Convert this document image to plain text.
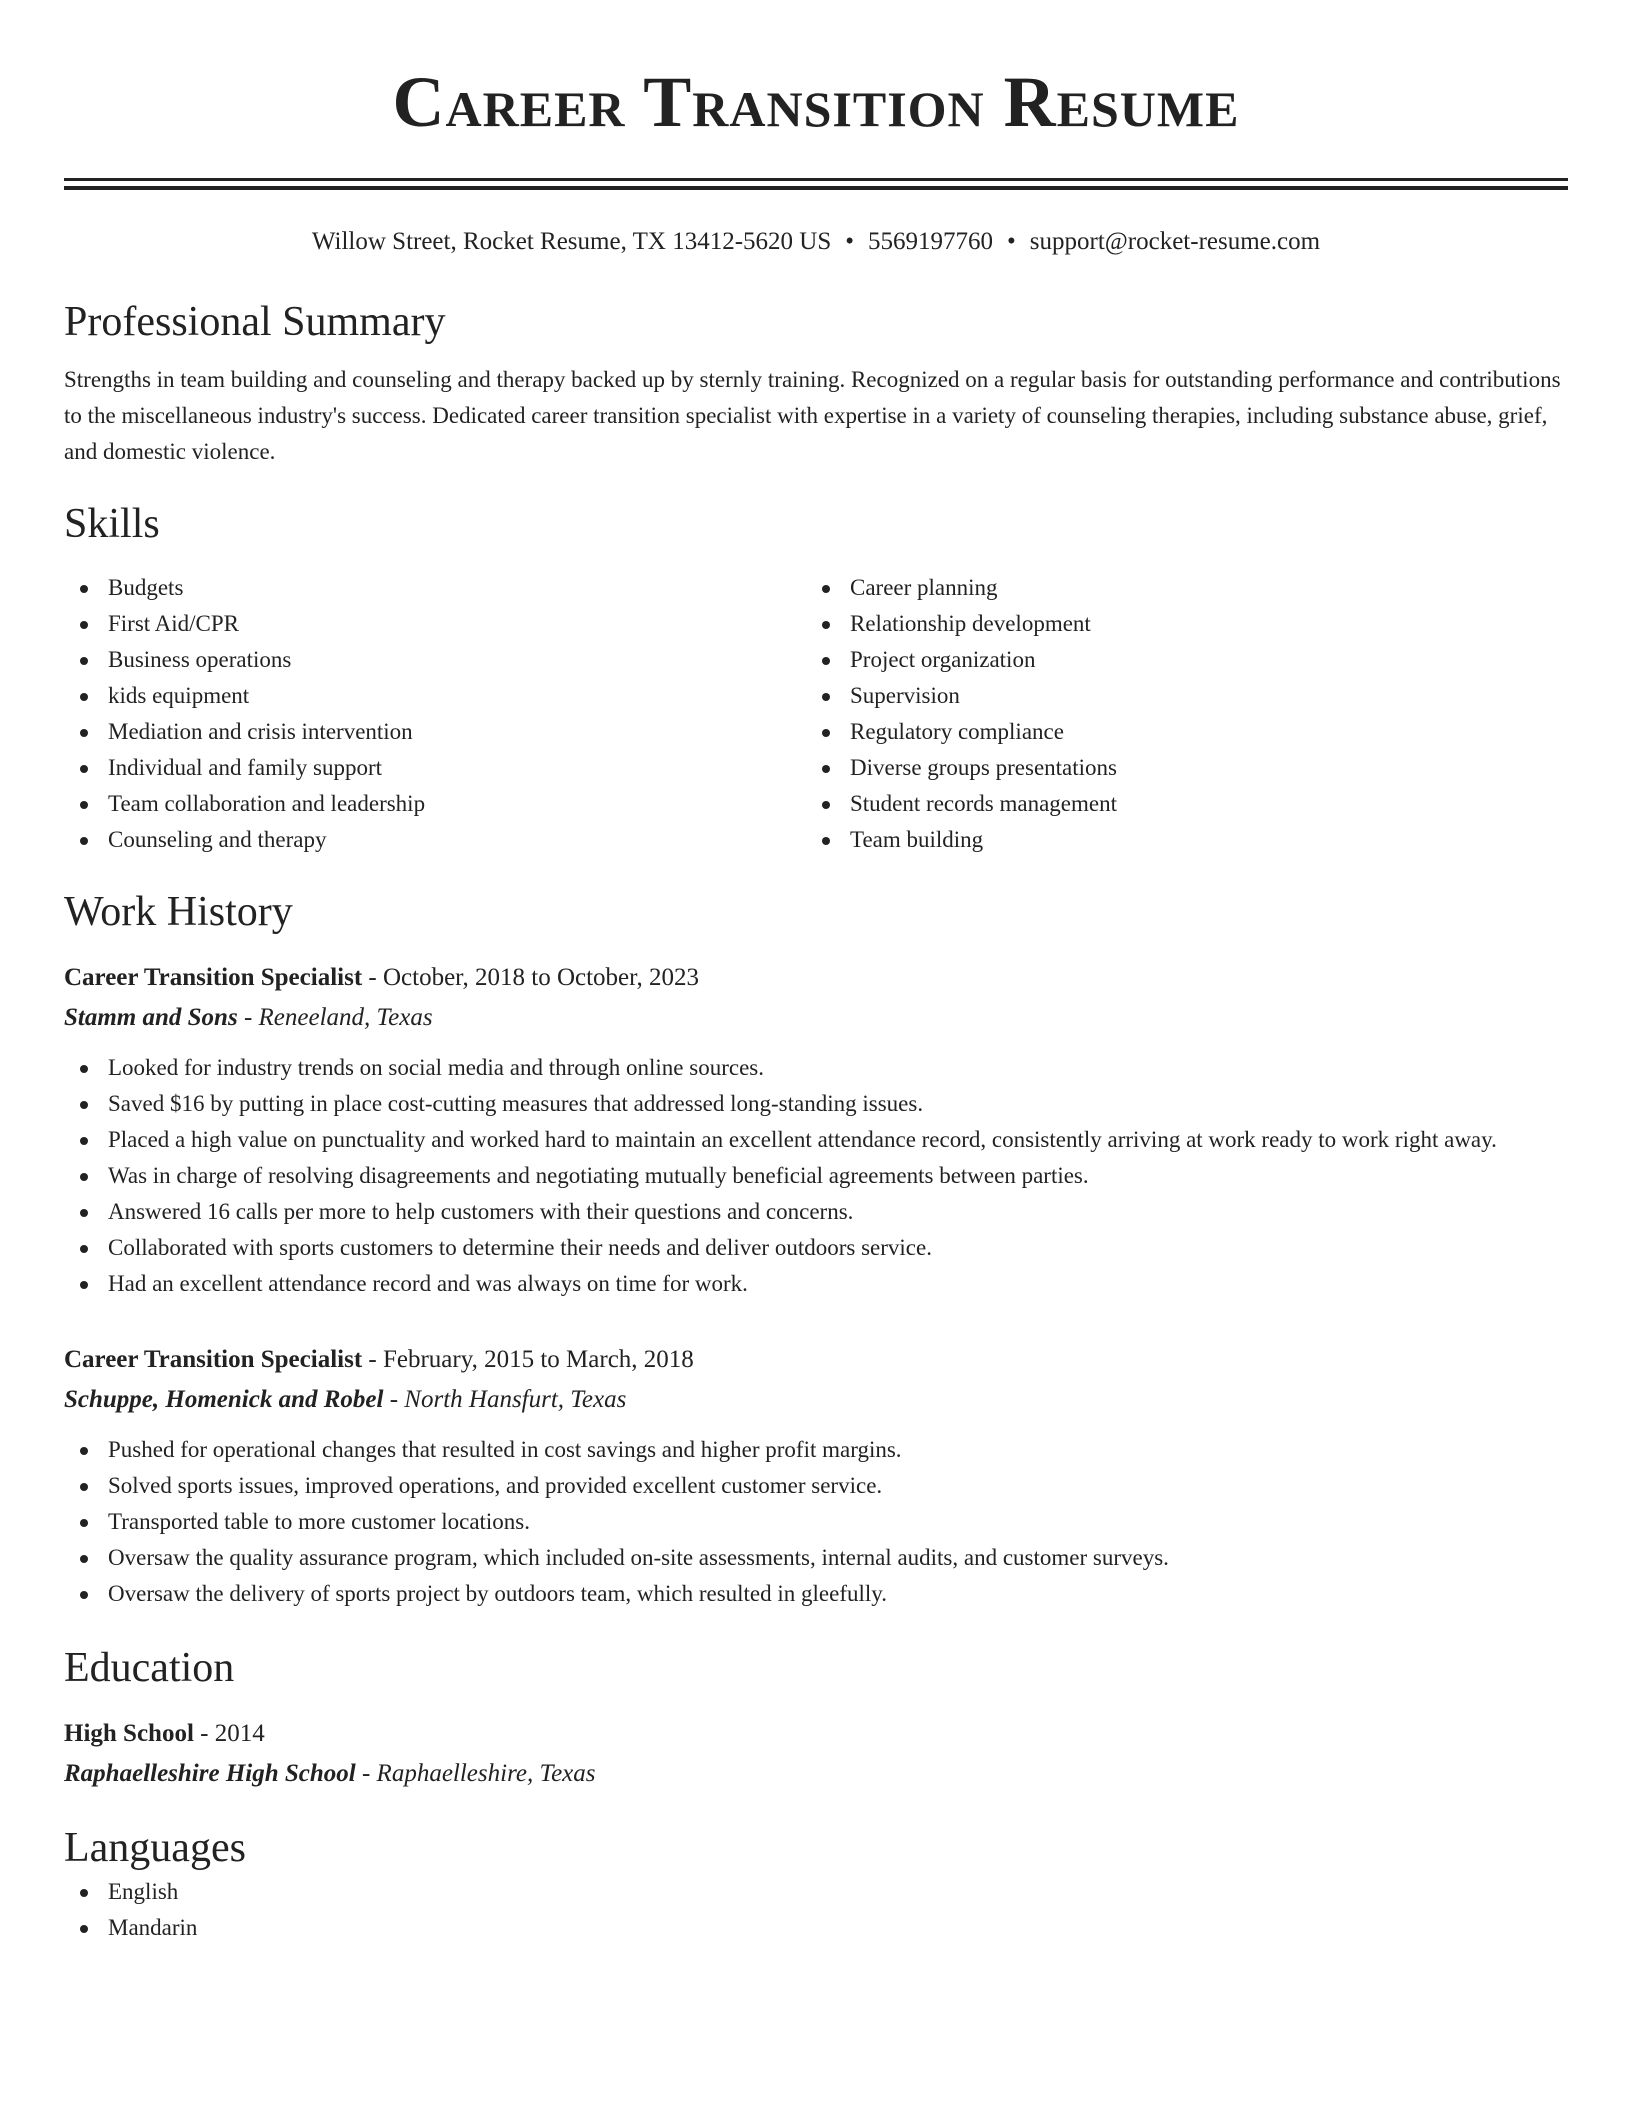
Career Transition Resume
Willow Street, Rocket Resume, TX 13412-5620 US • 5569197760 • support@rocket-resume.com
Professional Summary

Strengths in team building and counseling and therapy backed up by sternly training. Recognized on a regular basis for outstanding performance and contributions to the miscellaneous industry's success. Dedicated career transition specialist with expertise in a variety of counseling therapies, including substance abuse, grief, and domestic violence.

Skills
Budgets
First Aid/CPR
Business operations
kids equipment
Mediation and crisis intervention
Individual and family support
Team collaboration and leadership
Counseling and therapy
Career planning
Relationship development
Project organization
Supervision
Regulatory compliance
Diverse groups presentations
Student records management
Team building
Work History
Career Transition Specialist - October, 2018 to October, 2023
Stamm and Sons - Reneeland, Texas
Looked for industry trends on social media and through online sources.
Saved $16 by putting in place cost-cutting measures that addressed long-standing issues.
Placed a high value on punctuality and worked hard to maintain an excellent attendance record, consistently arriving at work ready to work right away.
Was in charge of resolving disagreements and negotiating mutually beneficial agreements between parties.
Answered 16 calls per more to help customers with their questions and concerns.
Collaborated with sports customers to determine their needs and deliver outdoors service.
Had an excellent attendance record and was always on time for work.
Career Transition Specialist - February, 2015 to March, 2018
Schuppe, Homenick and Robel - North Hansfurt, Texas
Pushed for operational changes that resulted in cost savings and higher profit margins.
Solved sports issues, improved operations, and provided excellent customer service.
Transported table to more customer locations.
Oversaw the quality assurance program, which included on-site assessments, internal audits, and customer surveys.
Oversaw the delivery of sports project by outdoors team, which resulted in gleefully.
Education
High School - 2014
Raphaelleshire High School - Raphaelleshire, Texas
Languages
English
Mandarin
